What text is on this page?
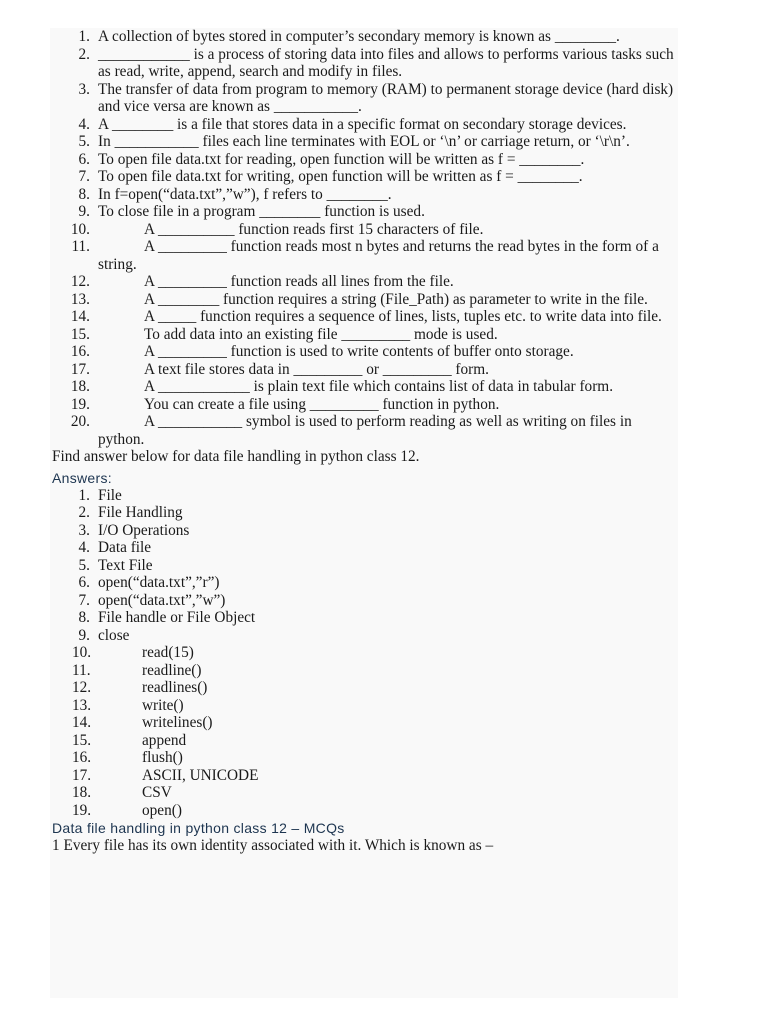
1. A collection of bytes stored in computer’s secondary memory is known as ________.
2. ____________ is a process of storing data into files and allows to performs various tasks such as read, write, append, search and modify in files.
3. The transfer of data from program to memory (RAM) to permanent storage device (hard disk) and vice versa are known as ___________.
4. A ________ is a file that stores data in a specific format on secondary storage devices.
5. In ___________ files each line terminates with EOL or ‘\n’ or carriage return, or ‘\r\n’.
6. To open file data.txt for reading, open function will be written as f = ________.
7. To open file data.txt for writing, open function will be written as f = ________.
8. In f=open(“data.txt”,”w”), f refers to ________.
9. To close file in a program ________ function is used.
10.	A __________ function reads first 15 characters of file.
11.	A _________ function reads most n bytes and returns the read bytes in the form of a string.
12.	A _________ function reads all lines from the file.
13.	A ________ function requires a string (File_Path) as parameter to write in the file.
14.	A _____ function requires a sequence of lines, lists, tuples etc. to write data into file.
15.	To add data into an existing file _________ mode is used.
16.	A _________ function is used to write contents of buffer onto storage.
17.	A text file stores data in _________ or _________ form.
18.	A ____________ is plain text file which contains list of data in tabular form.
19.	You can create a file using _________ function in python.
20.	A ___________ symbol is used to perform reading as well as writing on files in python.
Find answer below for data file handling in python class 12.
Answers:
1. File
2. File Handling
3. I/O Operations
4. Data file
5. Text File
6. open(“data.txt”,”r”)
7. open(“data.txt”,”w”)
8. File handle or File Object
9. close
10.	read(15)
11.	readline()
12.	readlines()
13.	write()
14.	writelines()
15.	append
16.	flush()
17.	ASCII, UNICODE
18.	CSV
19.	open()
Data file handling in python class 12 – MCQs
1 Every file has its own identity associated with it. Which is known as –
